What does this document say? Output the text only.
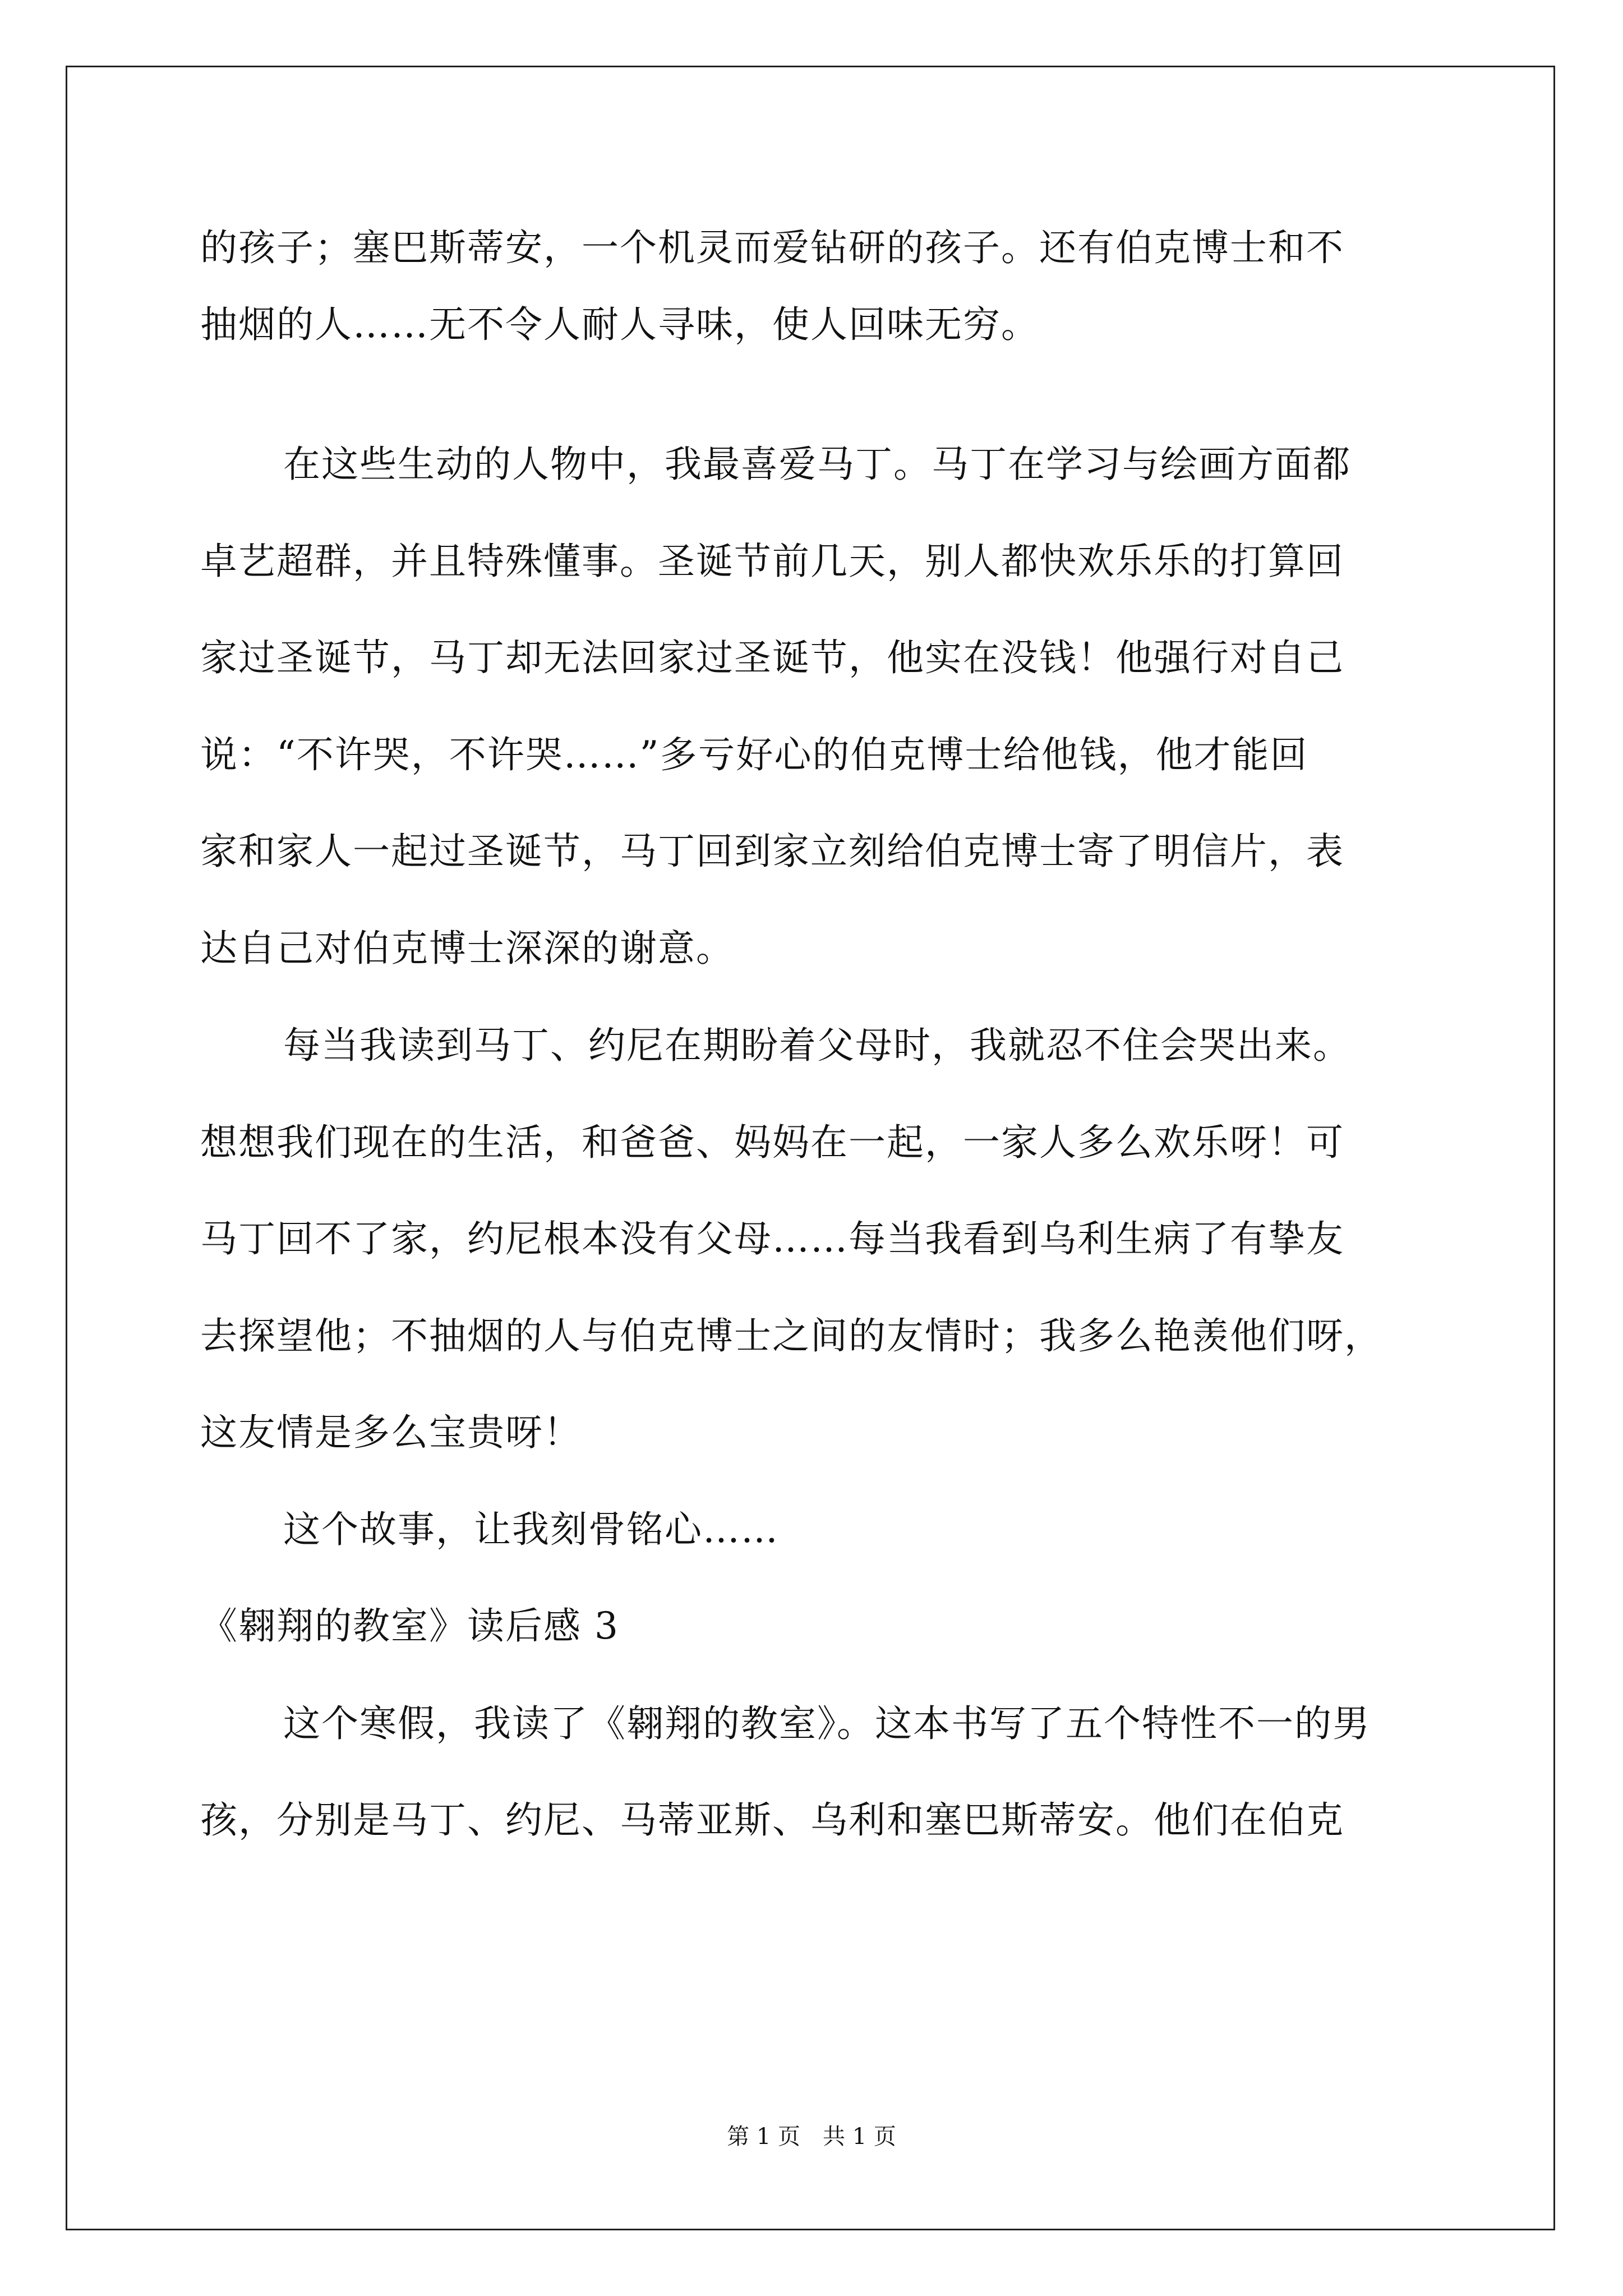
的孩子；塞巴斯蒂安，一个机灵而爱钻研的孩子。还有伯克博士和不
抽烟的人……无不令人耐人寻味，使人回味无穷。
在这些生动的人物中，我最喜爱马丁。马丁在学习与绘画方面都
卓艺超群，并且特殊懂事。圣诞节前几天，别人都快欢乐乐的打算回
家过圣诞节，马丁却无法回家过圣诞节，他实在没钱！他强行对自己
说：“不许哭，不许哭……”多亏好心的伯克博士给他钱，他才能回
家和家人一起过圣诞节，马丁回到家立刻给伯克博士寄了明信片，表
达自己对伯克博士深深的谢意。
每当我读到马丁、约尼在期盼着父母时，我就忍不住会哭出来。
想想我们现在的生活，和爸爸、妈妈在一起，一家人多么欢乐呀！可
马丁回不了家，约尼根本没有父母……每当我看到乌利生病了有挚友
去探望他；不抽烟的人与伯克博士之间的友情时；我多么艳羡他们呀，
这友情是多么宝贵呀！
这个故事，让我刻骨铭心……
《翱翔的教室》读后感 3
这个寒假，我读了《翱翔的教室》。这本书写了五个特性不一的男
孩，分别是马丁、约尼、马蒂亚斯、乌利和塞巴斯蒂安。他们在伯克
第 1 页　共 1 页
